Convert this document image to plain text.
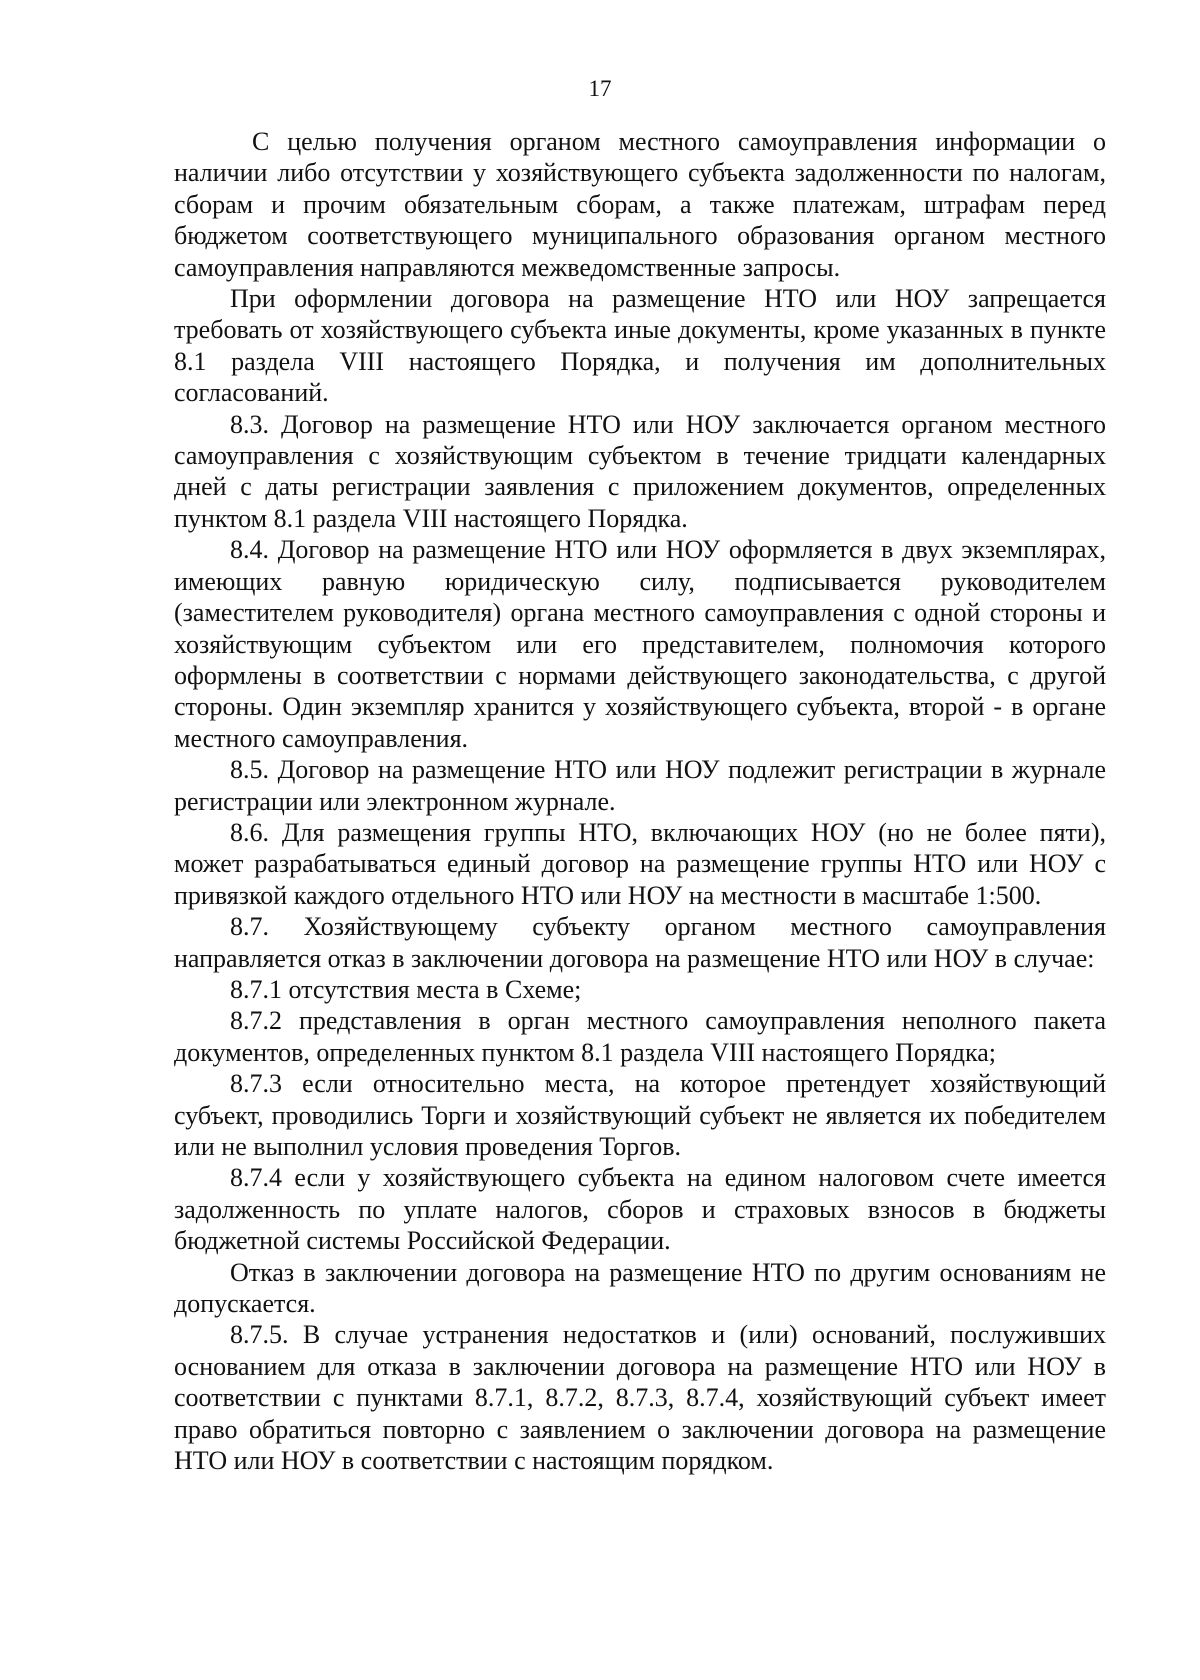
17

С целью получения органом местного самоуправления информации о наличии либо отсутствии у хозяйствующего субъекта задолженности по налогам, сборам и прочим обязательным сборам, а также платежам, штрафам перед бюджетом соответствующего муниципального образования органом местного самоуправления направляются межведомственные запросы.

При оформлении договора на размещение НТО или НОУ запрещается требовать от хозяйствующего субъекта иные документы, кроме указанных в пункте 8.1 раздела VIII настоящего Порядка, и получения им дополнительных согласований.

8.3. Договор на размещение НТО или НОУ заключается органом местного самоуправления с хозяйствующим субъектом в течение тридцати календарных дней с даты регистрации заявления с приложением документов, определенных пунктом 8.1 раздела VIII настоящего Порядка.

8.4. Договор на размещение НТО или НОУ оформляется в двух экземплярах, имеющих равную юридическую силу, подписывается руководителем (заместителем руководителя) органа местного самоуправления с одной стороны и хозяйствующим субъектом или его представителем, полномочия которого оформлены в соответствии с нормами действующего законодательства, с другой стороны. Один экземпляр хранится у хозяйствующего субъекта, второй - в органе местного самоуправления.

8.5. Договор на размещение НТО или НОУ подлежит регистрации в журнале регистрации или электронном журнале.

8.6. Для размещения группы НТО, включающих НОУ (но не более пяти), может разрабатываться единый договор на размещение группы НТО или НОУ с привязкой каждого отдельного НТО или НОУ на местности в масштабе 1:500.

8.7. Хозяйствующему субъекту органом местного самоуправления направляется отказ в заключении договора на размещение НТО или НОУ в случае:

8.7.1 отсутствия места в Схеме;

8.7.2 представления в орган местного самоуправления неполного пакета документов, определенных пунктом 8.1 раздела VIII настоящего Порядка;

8.7.3 если относительно места, на которое претендует хозяйствующий субъект, проводились Торги и хозяйствующий субъект не является их победителем или не выполнил условия проведения Торгов.

8.7.4 если у хозяйствующего субъекта на едином налоговом счете имеется задолженность по уплате налогов, сборов и страховых взносов в бюджеты бюджетной системы Российской Федерации.

Отказ в заключении договора на размещение НТО по другим основаниям не допускается.

8.7.5. В случае устранения недостатков и (или) оснований, послуживших основанием для отказа в заключении договора на размещение НТО или НОУ в соответствии с пунктами 8.7.1, 8.7.2, 8.7.3, 8.7.4, хозяйствующий субъект имеет право обратиться повторно с заявлением о заключении договора на размещение НТО или НОУ в соответствии с настоящим порядком.
